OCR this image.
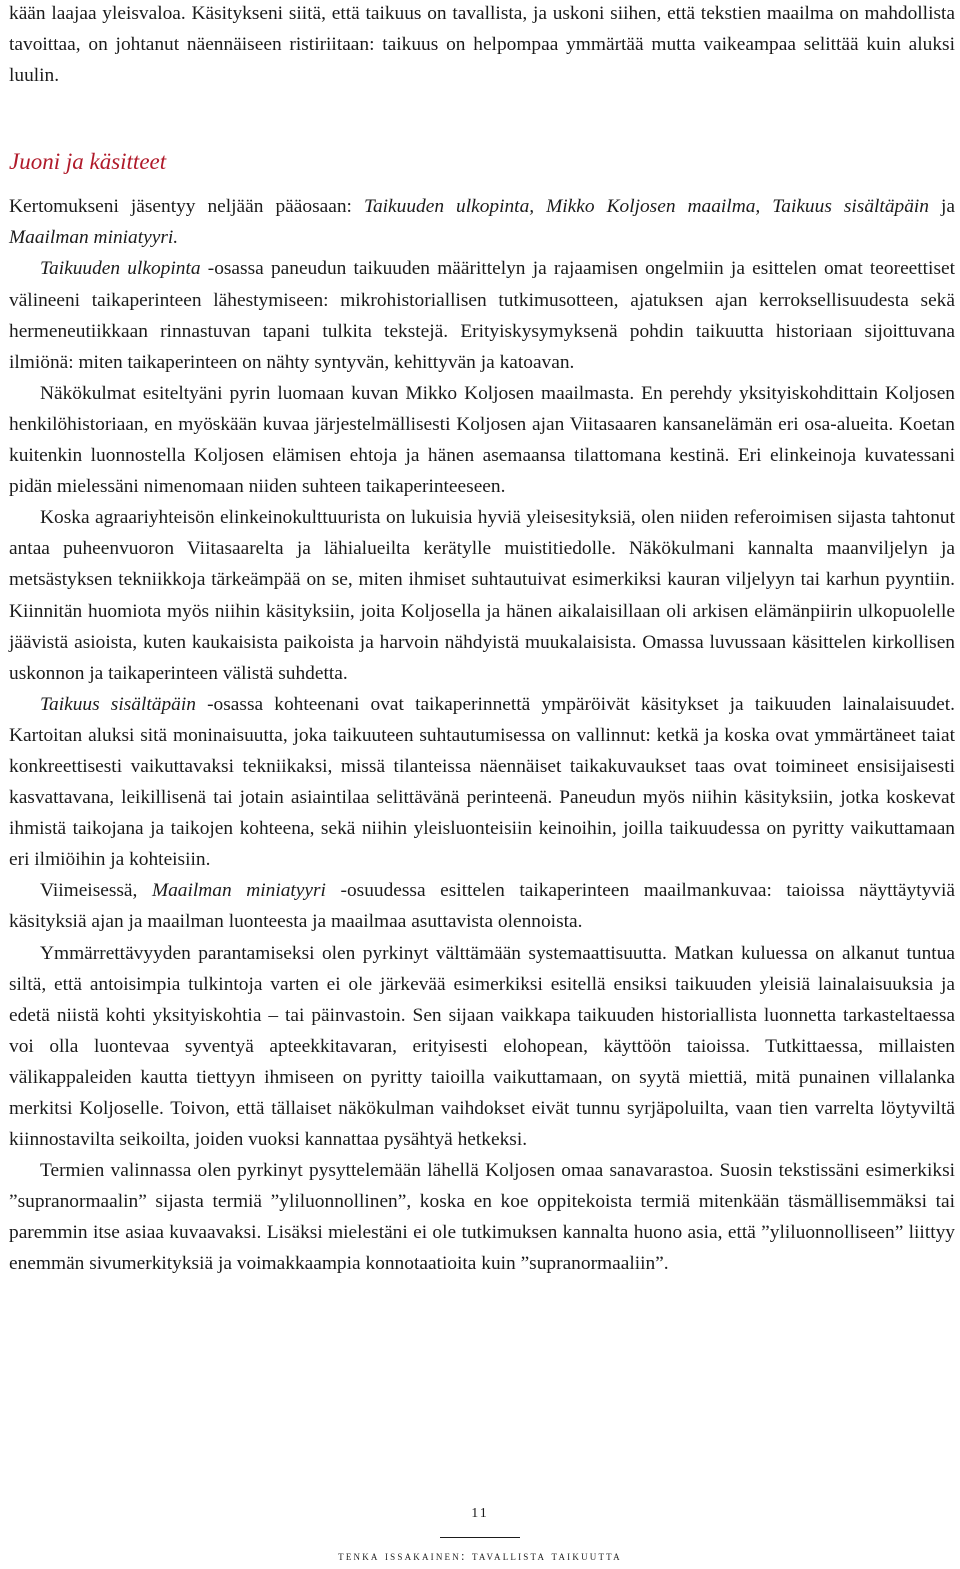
kään laajaa yleisvaloa. Käsitykseni siitä, että taikuus on tavallista, ja uskoni siihen, että tekstien maailma on mahdollista tavoittaa, on johtanut näennäiseen ristiriitaan: taikuus on helpompaa ymmärtää mutta vaikeampaa selittää kuin aluksi luulin.

Juoni ja käsitteet

Kertomukseni jäsentyy neljään pääosaan: Taikuuden ulkopinta, Mikko Koljosen maailma, Taikuus sisältäpäin ja Maailman miniatyyri.

Taikuuden ulkopinta -osassa paneudun taikuuden määrittelyn ja rajaamisen ongelmiin ja esittelen omat teoreettiset välineeni taikaperinteen lähestymiseen: mikrohistoriallisen tutkimusotteen, ajatuksen ajan kerroksellisuudesta sekä hermeneutiikkaan rinnastuvan tapani tulkita tekstejä. Erityiskysymyksenä pohdin taikuutta historiaan sijoittuvana ilmiönä: miten taikaperinteen on nähty syntyvän, kehittyvän ja katoavan.

Näkökulmat esiteltyäni pyrin luomaan kuvan Mikko Koljosen maailmasta. En perehdy yksityiskohdittain Koljosen henkilöhistoriaan, en myöskään kuvaa järjestelmällisesti Koljosen ajan Viitasaaren kansanelämän eri osa-alueita. Koetan kuitenkin luonnostella Koljosen elämisen ehtoja ja hänen asemaansa tilattomana kestinä. Eri elinkeinoja kuvatessani pidän mielessäni nimenomaan niiden suhteen taikaperinteeseen.

Koska agraariyhteisön elinkeinokulttuurista on lukuisia hyviä yleisesityksiä, olen niiden referoimisen sijasta tahtonut antaa puheenvuoron Viitasaarelta ja lähialueilta kerätylle muistitiedolle. Näkökulmani kannalta maanviljelyn ja metsästyksen tekniikkoja tärkeämpää on se, miten ihmiset suhtautuivat esimerkiksi kauran viljelyyn tai karhun pyyntiin. Kiinnitän huomiota myös niihin käsityksiin, joita Koljosella ja hänen aikalaisillaan oli arkisen elämänpiirin ulkopuolelle jäävistä asioista, kuten kaukaisista paikoista ja harvoin nähdyistä muukalaisista. Omassa luvussaan käsittelen kirkollisen uskonnon ja taikaperinteen välistä suhdetta.

Taikuus sisältäpäin -osassa kohteenani ovat taikaperinnettä ympäröivät käsitykset ja taikuuden lainalaisuudet. Kartoitan aluksi sitä moninaisuutta, joka taikuuteen suhtautumisessa on vallinnut: ketkä ja koska ovat ymmärtäneet taiat konkreettisesti vaikuttavaksi tekniikaksi, missä tilanteissa näennäiset taikakuvaukset taas ovat toimineet ensisijaisesti kasvattavana, leikillisenä tai jotain asiaintilaa selittävänä perinteenä. Paneudun myös niihin käsityksiin, jotka koskevat ihmistä taikojana ja taikojen kohteena, sekä niihin yleisluonteisiin keinoihin, joilla taikuudessa on pyritty vaikuttamaan eri ilmiöihin ja kohteisiin.

Viimeisessä, Maailman miniatyyri -osuudessa esittelen taikaperinteen maailmankuvaa: taioissa näyttäytyviä käsityksiä ajan ja maailman luonteesta ja maailmaa asuttavista olennoista.

Ymmärrettävyyden parantamiseksi olen pyrkinyt välttämään systemaattisuutta. Matkan kuluessa on alkanut tuntua siltä, että antoisimpia tulkintoja varten ei ole järkevää esimerkiksi esitellä ensiksi taikuuden yleisiä lainalaisuuksia ja edetä niistä kohti yksityiskohtia – tai päinvastoin. Sen sijaan vaikkapa taikuuden historiallista luonnetta tarkasteltaessa voi olla luontevaa syventyä apteekkitavaran, erityisesti elohopean, käyttöön taioissa. Tutkittaessa, millaisten välikappaleiden kautta tiettyyn ihmiseen on pyritty taioilla vaikuttamaan, on syytä miettiä, mitä punainen villalanka merkitsi Koljoselle. Toivon, että tällaiset näkökulman vaihdokset eivät tunnu syrjäpoluilta, vaan tien varrelta löytyviltä kiinnostavilta seikoilta, joiden vuoksi kannattaa pysähtyä hetkeksi.

Termien valinnassa olen pyrkinyt pysyttelemään lähellä Koljosen omaa sanavarastoa. Suosin tekstissäni esimerkiksi ”supranormaalin” sijasta termiä ”yliluonnollinen”, koska en koe oppitekoista termiä mitenkään täsmällisemmäksi tai paremmin itse asiaa kuvaavaksi. Lisäksi mielestäni ei ole tutkimuksen kannalta huono asia, että ”yliluonnolliseen” liittyy enemmän sivumerkityksiä ja voimakkaampia konnotaatioita kuin ”supranormaaliin”.

11
tenka issakainen: tavallista taikuutta
